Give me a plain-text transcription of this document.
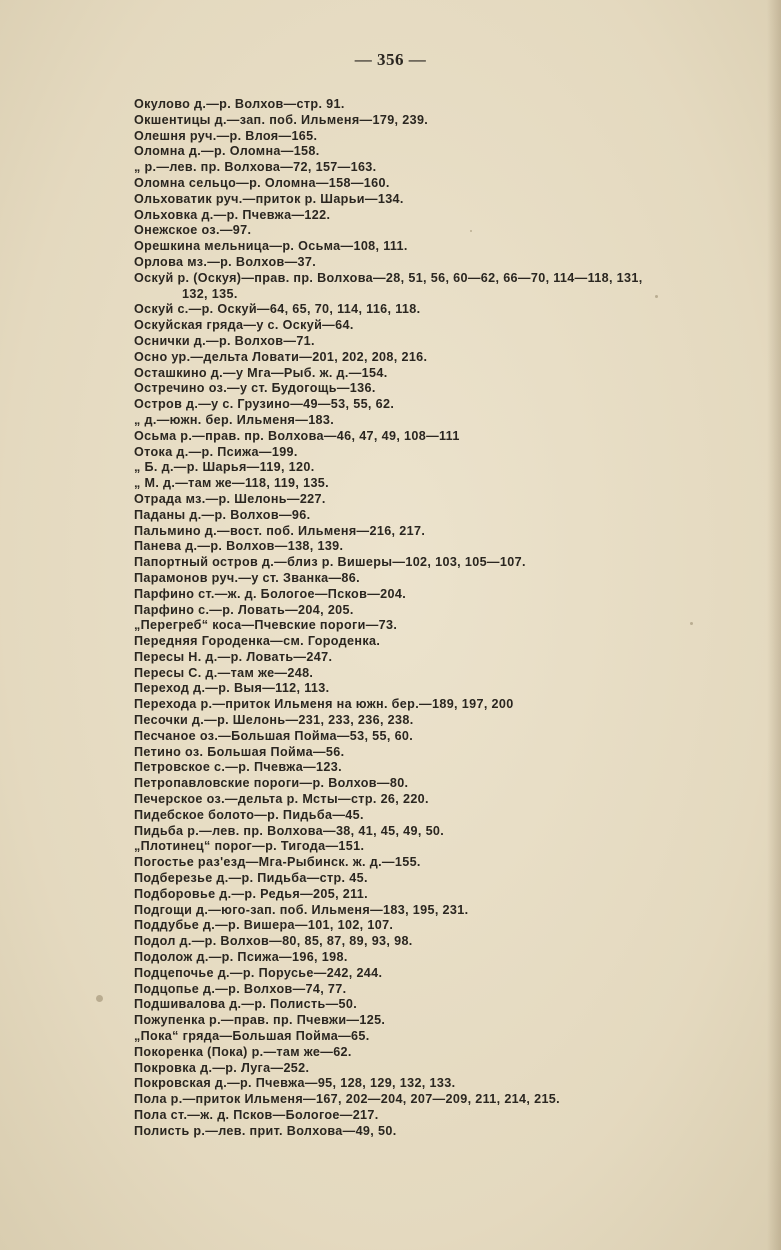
— 356 —
Окулово д.—р. Волхов—стр. 91.
Окшентицы д.—зап. поб. Ильменя—179, 239.
Олешня руч.—р. Влоя—165.
Оломна д.—р. Оломна—158.
„ р.—лев. пр. Волхова—72, 157—163.
Оломна сельцо—р. Оломна—158—160.
Ольховатик руч.—приток р. Шарьи—134.
Ольховка д.—р. Пчевжа—122.
Онежское оз.—97.
Орешкина мельница—р. Осьма—108, 111.
Орлова мз.—р. Волхов—37.
Оскуй р. (Оскуя)—прав. пр. Волхова—28, 51, 56, 60—62, 66—70, 114—118, 131,
132, 135.
Оскуй с.—р. Оскуй—64, 65, 70, 114, 116, 118.
Оскуйская гряда—у с. Оскуй—64.
Оснички д.—р. Волхов—71.
Осно ур.—дельта Ловати—201, 202, 208, 216.
Осташкино д.—у Мга—Рыб. ж. д.—154.
Остречино оз.—у ст. Будогощь—136.
Остров д.—у с. Грузино—49—53, 55, 62.
„ д.—южн. бер. Ильменя—183.
Осьма р.—прав. пр. Волхова—46, 47, 49, 108—111
Отока д.—р. Псижа—199.
„ Б. д.—р. Шарья—119, 120.
„ М. д.—там же—118, 119, 135.
Отрада мз.—р. Шелонь—227.
Паданы д.—р. Волхов—96.
Пальмино д.—вост. поб. Ильменя—216, 217.
Панева д.—р. Волхов—138, 139.
Папортный остров д.—близ р. Вишеры—102, 103, 105—107.
Парамонов руч.—у ст. Званка—86.
Парфино ст.—ж. д. Бологое—Псков—204.
Парфино с.—р. Ловать—204, 205.
„Перегреб“ коса—Пчевские пороги—73.
Передняя Городенка—см. Городенка.
Пересы Н. д.—р. Ловать—247.
Пересы С. д.—там же—248.
Переход д.—р. Выя—112, 113.
Перехода р.—приток Ильменя на южн. бер.—189, 197, 200
Песочки д.—р. Шелонь—231, 233, 236, 238.
Песчаное оз.—Большая Пойма—53, 55, 60.
Петино оз. Большая Пойма—56.
Петровское с.—р. Пчевжа—123.
Петропавловские пороги—р. Волхов—80.
Печерское оз.—дельта р. Мсты—стр. 26, 220.
Пидебское болото—р. Пидьба—45.
Пидьба р.—лев. пр. Волхова—38, 41, 45, 49, 50.
„Плотинец“ порог—р. Тигода—151.
Погостье раз'езд—Мга-Рыбинск. ж. д.—155.
Подберезье д.—р. Пидьба—стр. 45.
Подборовье д.—р. Редья—205, 211.
Подгощи д.—юго-зап. поб. Ильменя—183, 195, 231.
Поддубье д.—р. Вишера—101, 102, 107.
Подол д.—р. Волхов—80, 85, 87, 89, 93, 98.
Подолож д.—р. Псижа—196, 198.
Подцепочье д.—р. Порусье—242, 244.
Подцопье д.—р. Волхов—74, 77.
Подшивалова д.—р. Полисть—50.
Пожупенка р.—прав. пр. Пчевжи—125.
„Пока“ гряда—Большая Пойма—65.
Покоренка (Пока) р.—там же—62.
Покровка д.—р. Луга—252.
Покровская д.—р. Пчевжа—95, 128, 129, 132, 133.
Пола р.—приток Ильменя—167, 202—204, 207—209, 211, 214, 215.
Пола ст.—ж. д. Псков—Бологое—217.
Полисть р.—лев. прит. Волхова—49, 50.
